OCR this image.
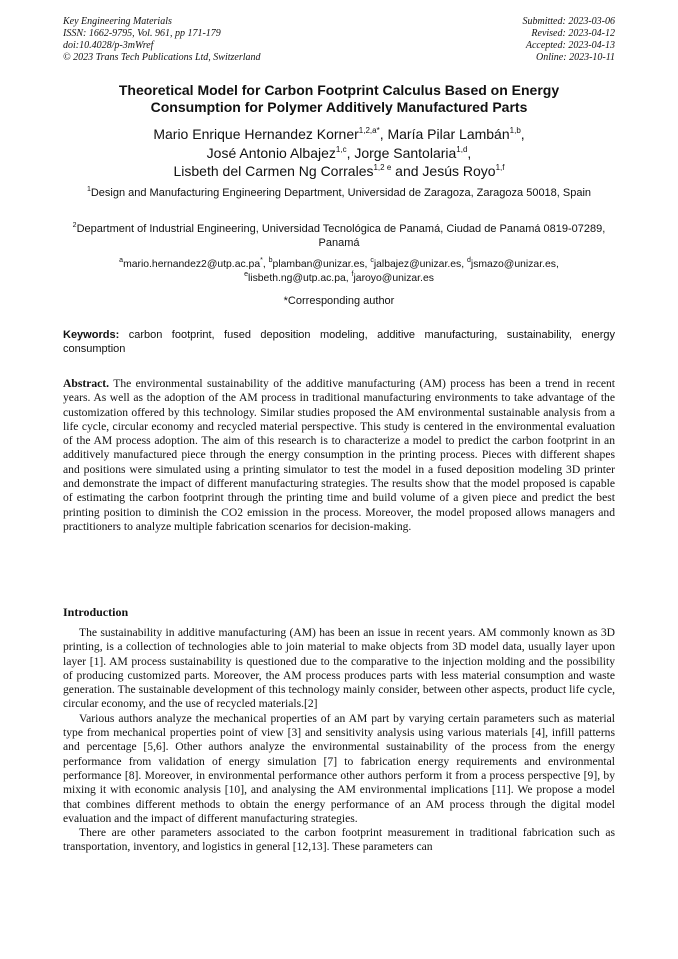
Key Engineering Materials
ISSN: 1662-9795, Vol. 961, pp 171-179
doi:10.4028/p-3mWref
© 2023 Trans Tech Publications Ltd, Switzerland
Submitted: 2023-03-06
Revised: 2023-04-12
Accepted: 2023-04-13
Online: 2023-10-11
Theoretical Model for Carbon Footprint Calculus Based on Energy
Consumption for Polymer Additively Manufactured Parts
Mario Enrique Hernandez Korner$^{1,2,a*}$, María Pilar Lambán$^{1,b}$,
José Antonio Albajez$^{1,c}$, Jorge Santolaria$^{1,d}$,
Lisbeth del Carmen Ng Corrales$^{1,2 e}$ and Jesús Royo$^{1,f}$
$^1$Design and Manufacturing Engineering Department, Universidad de Zaragoza, Zaragoza 50018, Spain
$^2$Department of Industrial Engineering, Universidad Tecnológica de Panamá, Ciudad de Panamá 0819-07289, Panamá
$^a$mario.hernandez2@utp.ac.pa*, $^b$plamban@unizar.es, $^c$jalbajez@unizar.es, $^d$jsmazo@unizar.es,
$^e$lisbeth.ng@utp.ac.pa, $^f$jaroyo@unizar.es
*Corresponding author
Keywords: carbon footprint, fused deposition modeling, additive manufacturing, sustainability, energy consumption

Abstract. The environmental sustainability of the additive manufacturing (AM) process has been a trend in recent years. As well as the adoption of the AM process in traditional manufacturing environments to take advantage of the customization offered by this technology. Similar studies proposed the AM environmental sustainable analysis from a life cycle, circular economy and recycled material perspective. This study is centered in the environmental evaluation of the AM process adoption. The aim of this research is to characterize a model to predict the carbon footprint in an additively manufactured piece through the energy consumption in the printing process. Pieces with different shapes and positions were simulated using a printing simulator to test the model in a fused deposition modeling 3D printer and demonstrate the impact of different manufacturing strategies. The results show that the model proposed is capable of estimating the carbon footprint through the printing time and build volume of a given piece and predict the best printing position to diminish the CO2 emission in the process. Moreover, the model proposed allows managers and practitioners to analyze multiple fabrication scenarios for decision-making.

Introduction

The sustainability in additive manufacturing (AM) has been an issue in recent years. AM commonly known as 3D printing, is a collection of technologies able to join material to make objects from 3D model data, usually layer upon layer [1]. AM process sustainability is questioned due to the comparative to the injection molding and the possibility of producing customized parts. Moreover, the AM process produces parts with less material consumption and waste generation. The sustainable development of this technology mainly consider, between other aspects, product life cycle, circular economy, and the use of recycled materials.[2]

Various authors analyze the mechanical properties of an AM part by varying certain parameters such as material type from mechanical properties point of view [3] and sensitivity analysis using various materials [4], infill patterns and percentage [5,6]. Other authors analyze the environmental sustainability of the process from the energy performance from validation of energy simulation [7] to fabrication energy requirements and environmental performance [8]. Moreover, in environmental performance other authors perform it from a process perspective [9], by mixing it with economic analysis [10], and analysing the AM environmental implications [11]. We propose a model that combines different methods to obtain the energy performance of an AM process through the digital model evaluation and the impact of different manufacturing strategies.

There are other parameters associated to the carbon footprint measurement in traditional fabrication such as transportation, inventory, and logistics in general [12,13]. These parameters can
